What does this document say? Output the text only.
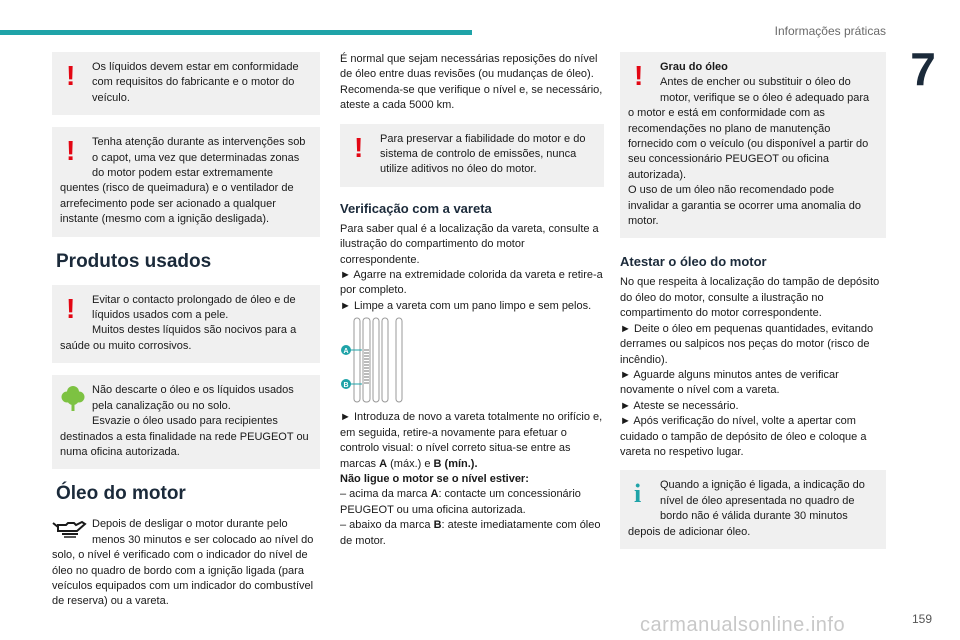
Informações práticas
7
! Os líquidos devem estar em conformidade com requisitos do fabricante e o motor do veículo.
! Tenha atenção durante as intervenções sob o capot, uma vez que determinadas zonas do motor podem estar extremamente quentes (risco de queimadura) e o ventilador de arrefecimento pode ser acionado a qualquer instante (mesmo com a ignição desligada).
Produtos usados
! Evitar o contacto prolongado de óleo e de líquidos usados com a pele.
Muitos destes líquidos são nocivos para a saúde ou muito corrosivos.
Não descarte o óleo e os líquidos usados pela canalização ou no solo.
Esvazie o óleo usado para recipientes destinados a esta finalidade na rede PEUGEOT ou numa oficina autorizada.
Óleo do motor
Depois de desligar o motor durante pelo menos 30 minutos e ser colocado ao nível do solo, o nível é verificado com o indicador do nível de óleo no quadro de bordo com a ignição ligada (para veículos equipados com um indicador do combustível de reserva) ou a vareta.
É normal que sejam necessárias reposições do nível de óleo entre duas revisões (ou mudanças de óleo). Recomenda-se que verifique o nível e, se necessário, ateste a cada 5000 km.
! Para preservar a fiabilidade do motor e do sistema de controlo de emissões, nunca utilize aditivos no óleo do motor.
Verificação com a vareta
Para saber qual é a localização da vareta, consulte a ilustração do compartimento do motor correspondente.
► Agarre na extremidade colorida da vareta e retire-a por completo.
► Limpe a vareta com um pano limpo e sem pelos.
A
B
► Introduza de novo a vareta totalmente no orifício e, em seguida, retire-a novamente para efetuar o controlo visual: o nível correto situa-se entre as marcas A (máx.) e B (mín.).
Não ligue o motor se o nível estiver:
– acima da marca A: contacte um concessionário PEUGEOT ou uma oficina autorizada.
– abaixo da marca B: ateste imediatamente com óleo de motor.
! Grau do óleo
Antes de encher ou substituir o óleo do motor, verifique se o óleo é adequado para o motor e está em conformidade com as recomendações no plano de manutenção fornecido com o veículo (ou disponível a partir do seu concessionário PEUGEOT ou oficina autorizada).
O uso de um óleo não recomendado pode invalidar a garantia se ocorrer uma anomalia do motor.
Atestar o óleo do motor
No que respeita à localização do tampão de depósito do óleo do motor, consulte a ilustração no compartimento do motor correspondente.
► Deite o óleo em pequenas quantidades, evitando derrames ou salpicos nos peças do motor (risco de incêndio).
► Aguarde alguns minutos antes de verificar novamente o nível com a vareta.
► Ateste se necessário.
► Após verificação do nível, volte a apertar com cuidado o tampão de depósito de óleo e coloque a vareta no respetivo lugar.
i Quando a ignição é ligada, a indicação do nível de óleo apresentada no quadro de bordo não é válida durante 30 minutos depois de adicionar óleo.
carmanualsonline.info	159
